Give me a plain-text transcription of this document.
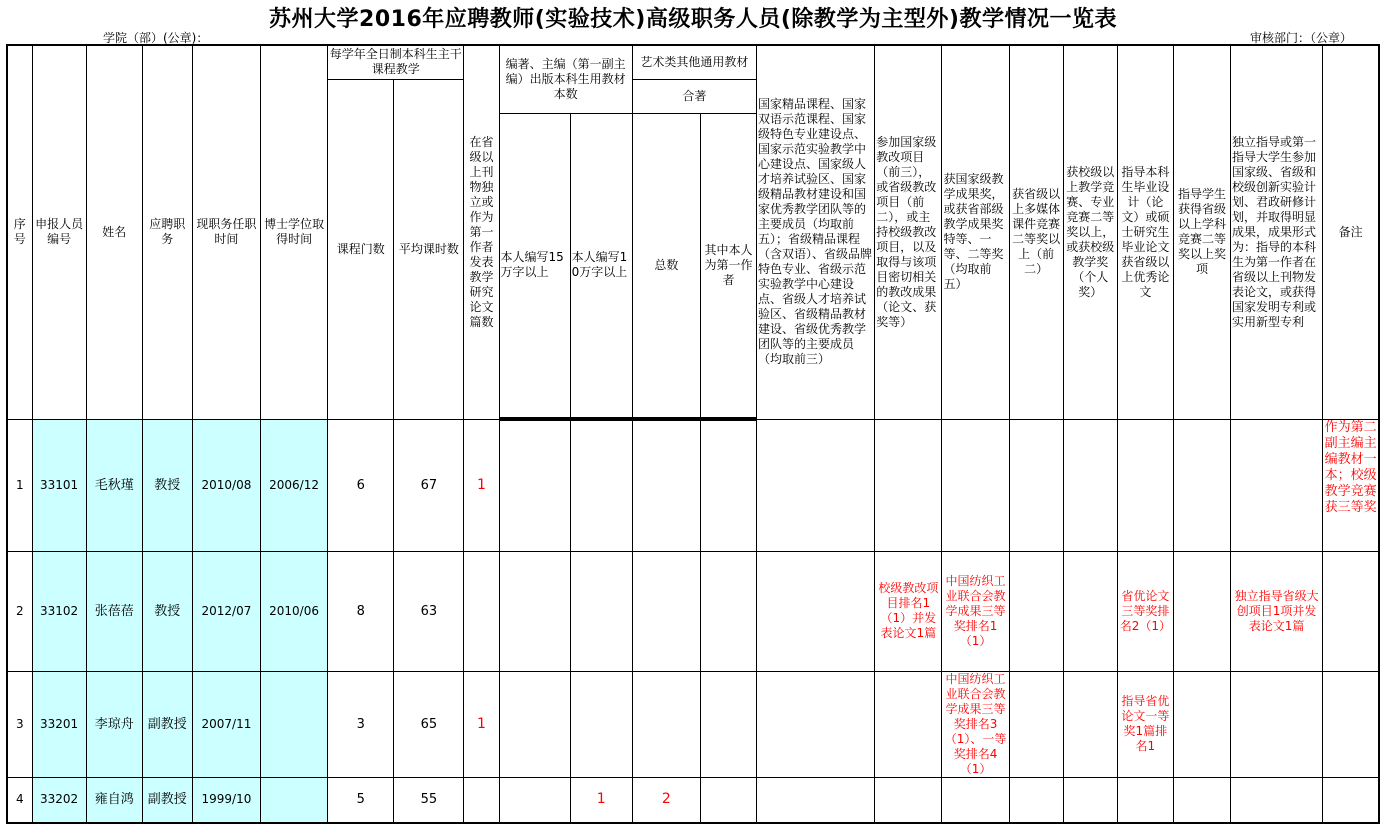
苏州大学2016年应聘教师(实验技术)高级职务人员(除教学为主型外)教学情况一览表
学院（部）(公章)：	审核部门：（公章）
序号	申报人员编号	姓名	应聘职务	现职务任职时间	博士学位取得时间	每学年全日制本科生主干课程教学		在省级以上刊物独立或作为第一作者发表教学研究论文篇数	编著、主编（第一副主编）出版本科生用教材本数		艺术类其他通用教材		国家精品课程、国家双语示范课程、国家级特色专业建设点、国家示范实验教学中心建设点、国家级人才培养试验区、国家级精品教材建设和国家优秀教学团队等的主要成员（均取前五）；省级精品课程（含双语）、省级品牌特色专业、省级示范实验教学中心建设点、省级人才培养试验区、省级精品教材建设、省级优秀教学团队等的主要成员（均取前三）	参加国家级教改项目（前三），或省级教改项目（前二），或主持校级教改项目，以及取得与该项目密切相关的教改成果（论文、获奖等）	获国家级教学成果奖，或获省部级教学成果奖特等、一等、二等奖（均取前五）	获省级以上多媒体课件竞赛二等奖以上（前二）	获校级以上教学竞赛、专业竞赛二等奖以上，或获校级教学奖（个人奖）	指导本科生毕业设计（论文）或硕士研究生毕业论文获省级以上优秀论文	指导学生获得省级以上学科竞赛二等奖以上奖项	独立指导或第一指导大学生参加国家级、省级和校级创新实验计划、君政研修计划，并取得明显成果，成果形式为：指导的本科生为第一作者在省级以上刊物发表论文，或获得国家发明专利或实用新型专利	备注
						课程门数	平均课时数				合著										
									本人编写15万字以上	本人编写10万字以上	总数	其中本人为第一作者									
1	33101	毛秋瑾	教授	2010/08	2006/12	6	67	1													作为第二副主编主编教材一本；校级教学竞赛获三等奖
2	33102	张蓓蓓	教授	2012/07	2010/06	8	63							校级教改项目排名1（1）并发表论文1篇	中国纺织工业联合会教学成果三等奖排名1（1）			省优论文三等奖排名2（1）		独立指导省级大创项目1项并发表论文1篇	
3	33201	李琼舟	副教授	2007/11		3	65	1							中国纺织工业联合会教学成果三等奖排名3（1）、一等奖排名4（1）			指导省优论文一等奖1篇排名1			
4	33202	雍自鸿	副教授	1999/10		5	55			1	2										
